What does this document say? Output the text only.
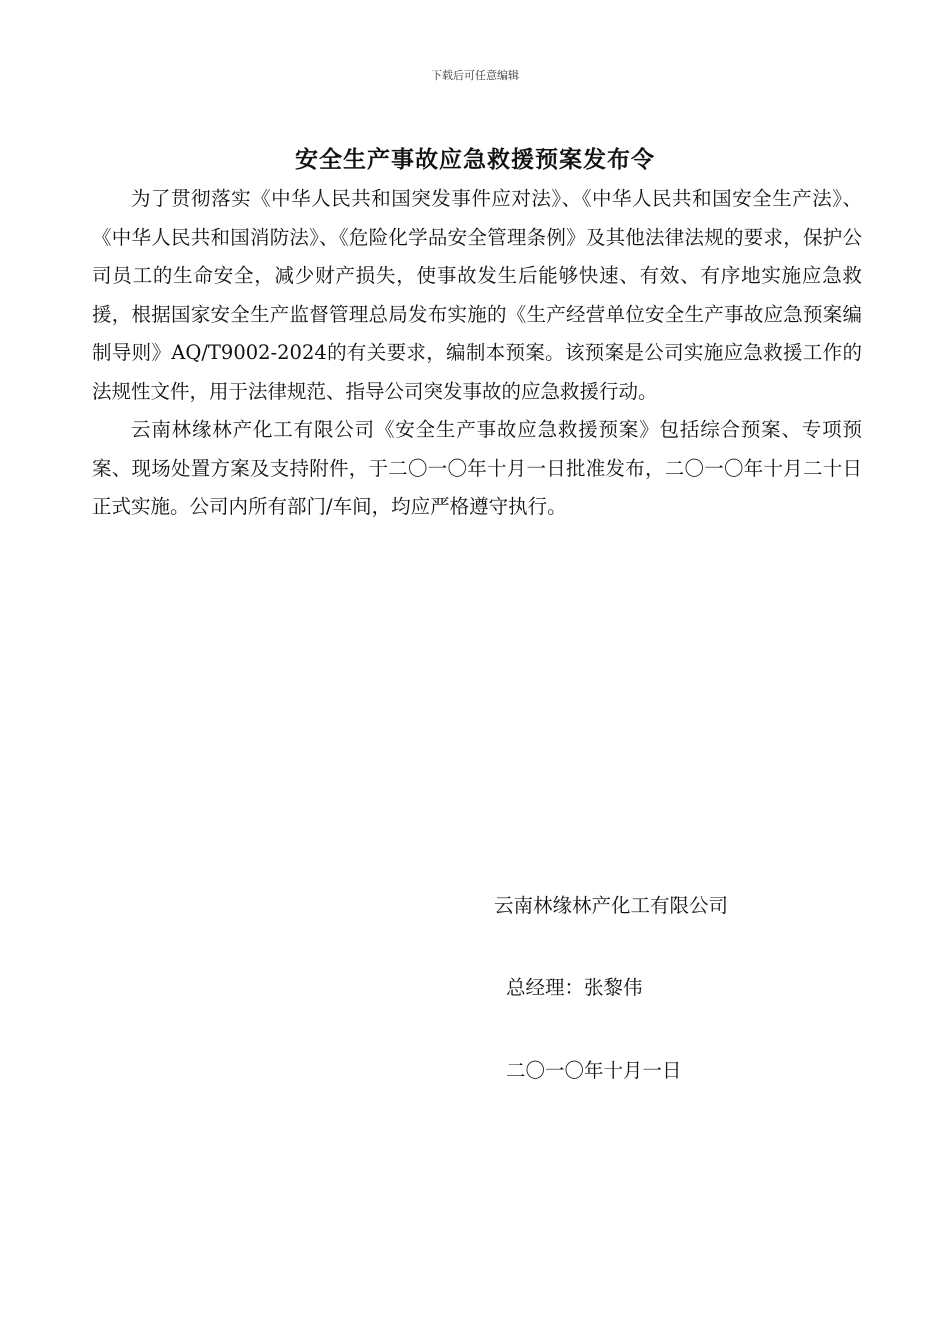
下载后可任意编辑
安全生产事故应急救援预案发布令

为了贯彻落实《中华人民共和国突发事件应对法》、《中华人民共和国安全生产法》、《中华人民共和国消防法》、《危险化学品安全管理条例》及其他法律法规的要求，保护公司员工的生命安全，减少财产损失，使事故发生后能够快速、有效、有序地实施应急救援，根据国家安全生产监督管理总局发布实施的《生产经营单位安全生产事故应急预案编制导则》AQ/T9002-2024的有关要求，编制本预案。该预案是公司实施应急救援工作的法规性文件，用于法律规范、指导公司突发事故的应急救援行动。

云南林缘林产化工有限公司《安全生产事故应急救援预案》包括综合预案、专项预案、现场处置方案及支持附件，于二〇一〇年十月一日批准发布，二〇一〇年十月二十日正式实施。公司内所有部门/车间，均应严格遵守执行。

云南林缘林产化工有限公司
总经理：张黎伟
二〇一〇年十月一日
